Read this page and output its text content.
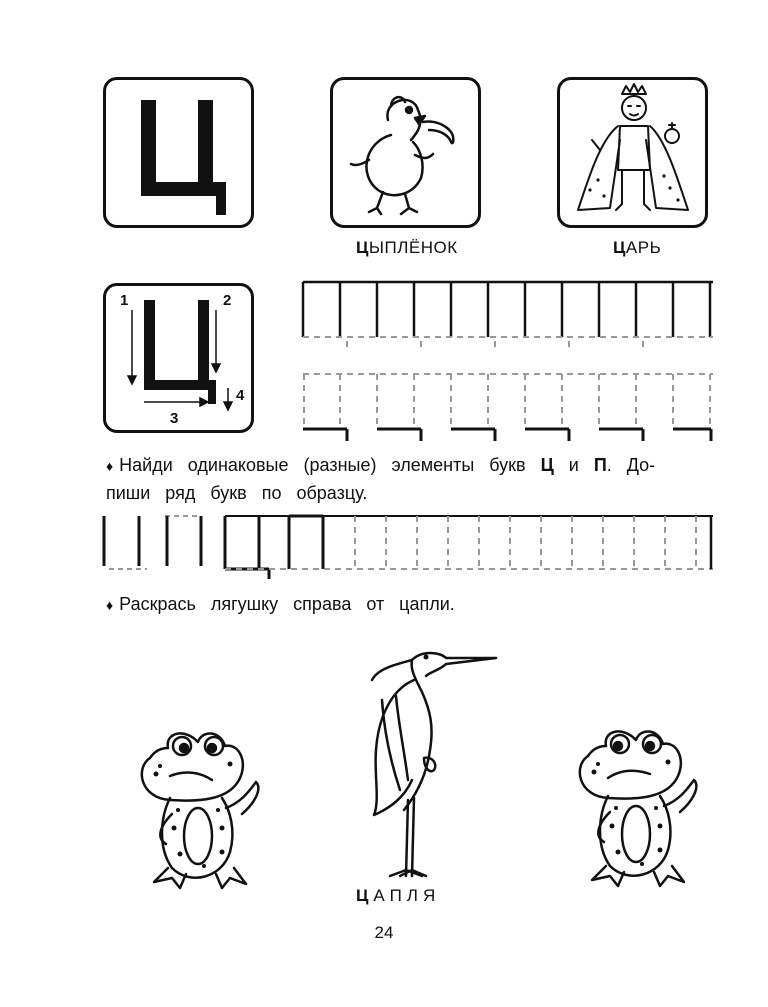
ЦЫПЛЁНОК	ЦАРЬ
1	2
3
4
♦ Найди одинаковые (разные) элементы букв Ц и П. До-
пиши ряд букв по образцу.
♦ Раскрась лягушку справа от цапли.
ЦАПЛЯ
24
